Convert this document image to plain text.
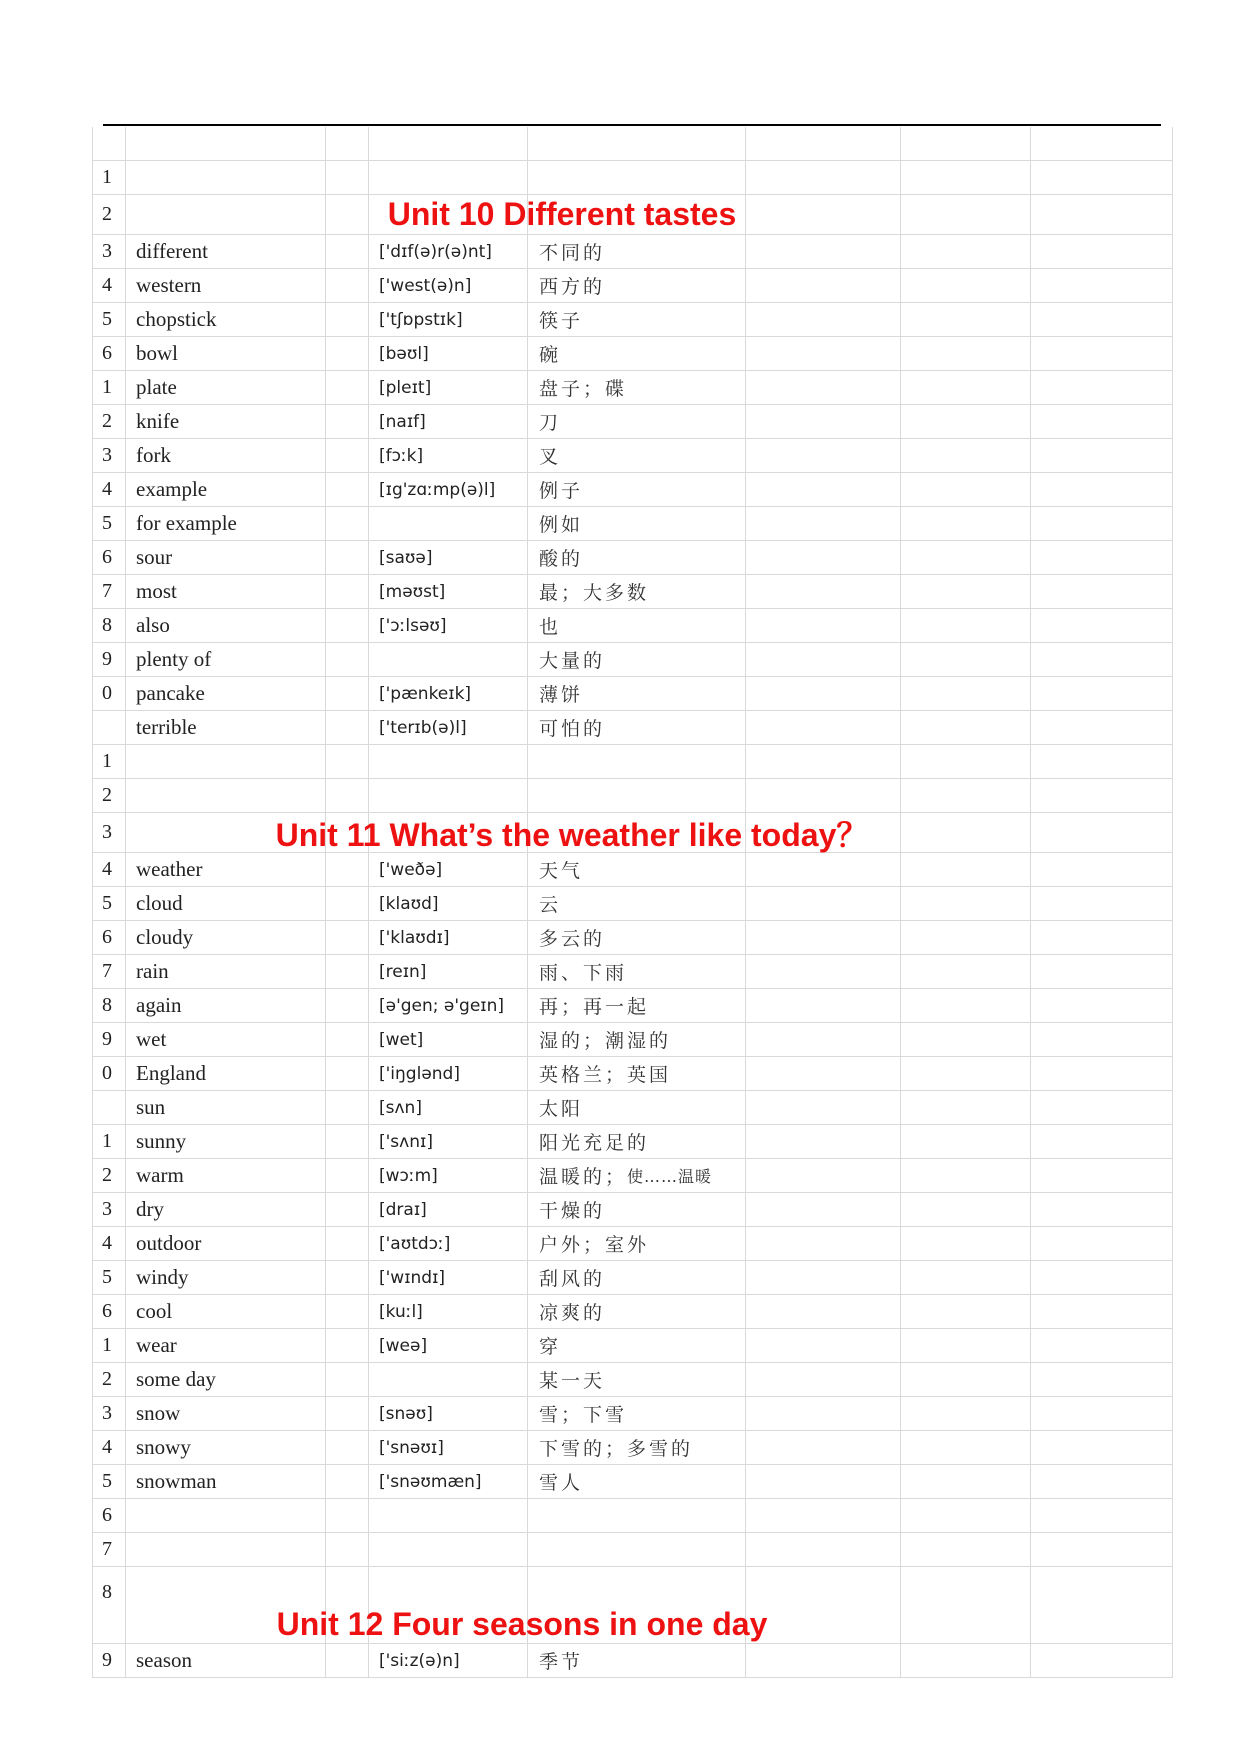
1
2	Unit 10 Different tastes
3	different	['dɪf(ə)r(ə)nt] 不同的
4	western	['west(ə)n]	西方的
5	chopstick	['tʃɒpstɪk]	筷子
6	bowl	[bəʊl]	碗
1	plate	[pleɪt]	盘子；碟
2	knife	[naɪf]	刀
3	fork	[fɔːk]	叉
4	example	[ɪg'zɑːmp(ə)l] 例子
5	for example	例如
6	sour	[saʊə]	酸的
7	most	[məʊst]	最；大多数
8	also	['ɔːlsəʊ]	也
9	plenty of	大量的
0	pancake	['pænkeɪk]	薄饼
terrible	['terɪb(ə)l]	可怕的
1
2
3	Unit 11 What’s the weather like today？
4	weather	['weðə]	天气
5	cloud	[klaʊd]	云
6	cloudy	['klaʊdɪ]	多云的
7	rain	[reɪn]	雨、下雨
8	again	[ə'gen; ə'geɪn] 再；再一起
9	wet	[wet]	湿的；潮湿的
0	England	['iŋglənd]	英格兰；英国
sun	[sʌn]	太阳
1	sunny	['sʌnɪ]	阳光充足的
2	warm	[wɔːm]	温暖的； 使……温暖
3	dry	[draɪ]	干燥的
4	outdoor	['aʊtdɔː]	户外；室外
5	windy	['wɪndɪ]	刮风的
6	cool	[kuːl]	凉爽的
1	wear	[weə]	穿
2	some day	某一天
3	snow	[snəʊ]	雪；下雪
4	snowy	['snəʊɪ]	下雪的；多雪的
5	snowman	['snəʊmæn]	雪人
6
7
8
Unit 12 Four seasons in one day
9	season	['siːz(ə)n]	季节
